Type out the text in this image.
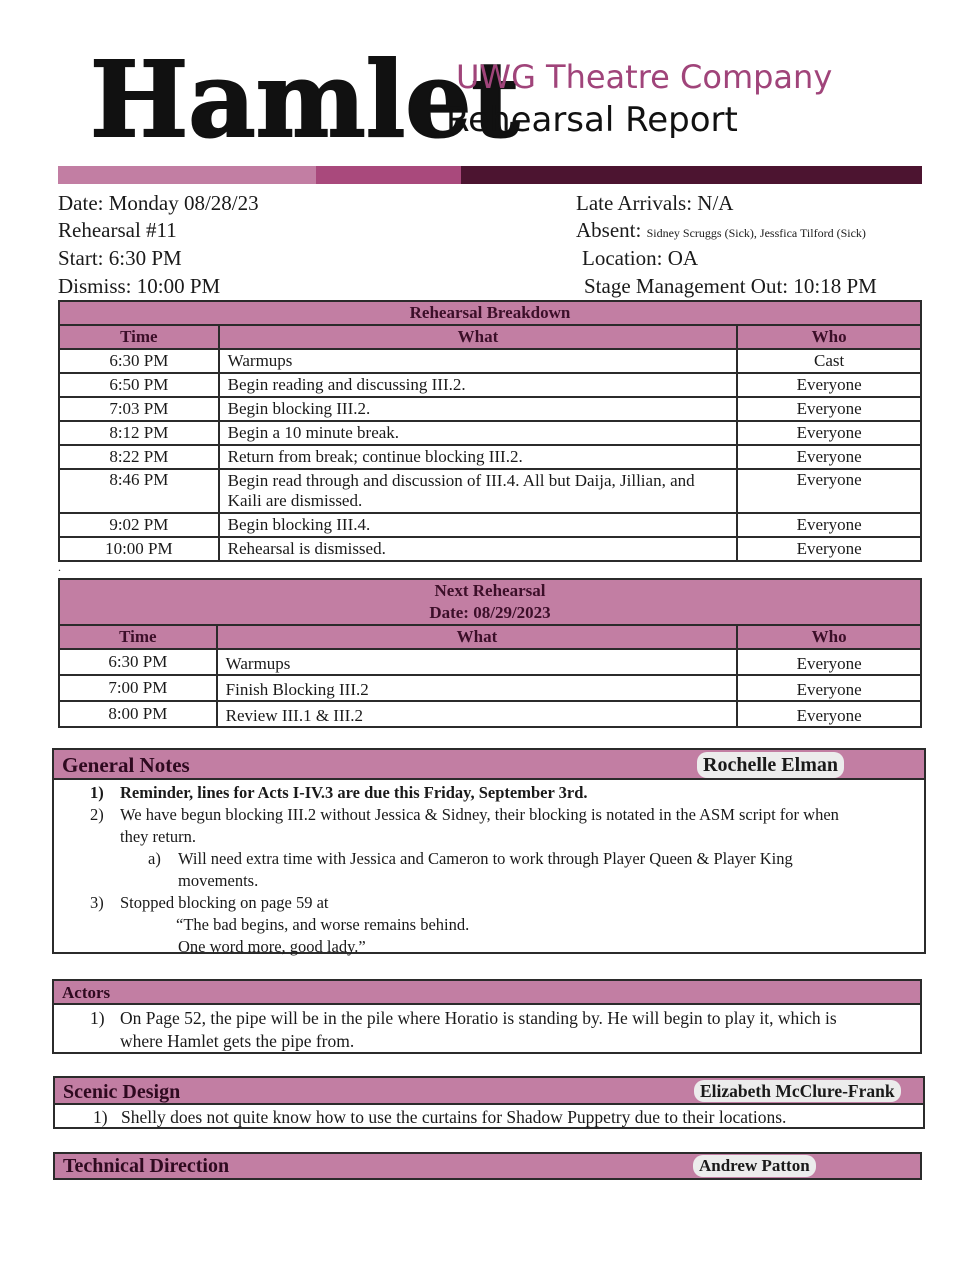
Hamlet
UWG Theatre Company
Rehearsal Report
Date: Monday 08/28/23
Rehearsal #11
Start: 6:30 PM
Dismiss: 10:00 PM
Late Arrivals: N/A
Absent: Sidney Scruggs (Sick), Jessfica Tilford (Sick)
Location: OA
Stage Management Out: 10:18 PM
Rehearsal Breakdown		
Time	What	Who
6:30 PM	Warmups	Cast
6:50 PM	Begin reading and discussing III.2.	Everyone
7:03 PM	Begin blocking III.2.	Everyone
8:12 PM	Begin a 10 minute break.	Everyone
8:22 PM	Return from break; continue blocking III.2.	Everyone
8:46 PM	Begin read through and discussion of III.4. All but Daija, Jillian, and Kaili are dismissed.	Everyone
9:02 PM	Begin blocking III.4.	Everyone
10:00 PM	Rehearsal is dismissed.	Everyone
.
Next Rehearsal
Date: 08/29/2023		

Time	What	Who
6:30 PM	Warmups	Everyone
7:00 PM	Finish Blocking III.2	Everyone
8:00 PM	Review III.1 & III.2	Everyone
General Notes	Rochelle Elman
1) Reminder, lines for Acts I-IV.3 are due this Friday, September 3rd.
2) We have begun blocking III.2 without Jessica & Sidney, their blocking is notated in the ASM script for when
they return.
a) Will need extra time with Jessica and Cameron to work through Player Queen & Player King
movements.
3) Stopped blocking on page 59 at
“The bad begins, and worse remains behind.
One word more, good lady.”
Actors
1) On Page 52, the pipe will be in the pile where Horatio is standing by. He will begin to play it, which is
where Hamlet gets the pipe from.
Scenic Design	Elizabeth McClure-Frank
1) Shelly does not quite know how to use the curtains for Shadow Puppetry due to their locations.
Technical Direction	Andrew Patton
